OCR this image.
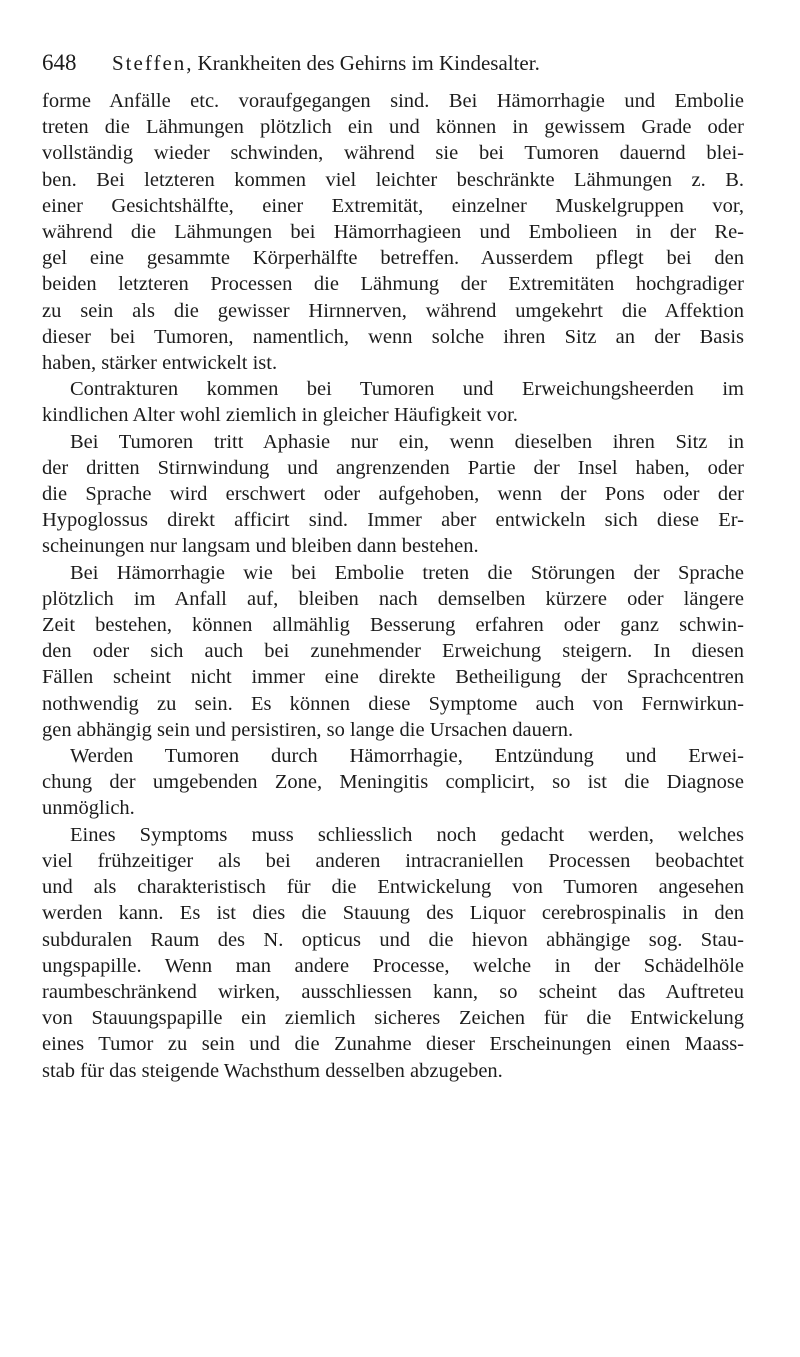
648 Steffen, Krankheiten des Gehirns im Kindesalter.

forme Anfälle etc. voraufgegangen sind. Bei Hämorrhagie und Embolie
treten die Lähmungen plötzlich ein und können in gewissem Grade oder
vollständig wieder schwinden, während sie bei Tumoren dauernd blei-
ben. Bei letzteren kommen viel leichter beschränkte Lähmungen z. B.
einer Gesichtshälfte, einer Extremität, einzelner Muskelgruppen vor,
während die Lähmungen bei Hämorrhagieen und Embolieen in der Re-
gel eine gesammte Körperhälfte betreffen. Ausserdem pflegt bei den
beiden letzteren Processen die Lähmung der Extremitäten hochgradiger
zu sein als die gewisser Hirnnerven, während umgekehrt die Affektion
dieser bei Tumoren, namentlich, wenn solche ihren Sitz an der Basis
haben, stärker entwickelt ist.

Contrakturen kommen bei Tumoren und Erweichungsheerden im
kindlichen Alter wohl ziemlich in gleicher Häufigkeit vor.

Bei Tumoren tritt Aphasie nur ein, wenn dieselben ihren Sitz in
der dritten Stirnwindung und angrenzenden Partie der Insel haben, oder
die Sprache wird erschwert oder aufgehoben, wenn der Pons oder der
Hypoglossus direkt afficirt sind. Immer aber entwickeln sich diese Er-
scheinungen nur langsam und bleiben dann bestehen.

Bei Hämorrhagie wie bei Embolie treten die Störungen der Sprache
plötzlich im Anfall auf, bleiben nach demselben kürzere oder längere
Zeit bestehen, können allmählig Besserung erfahren oder ganz schwin-
den oder sich auch bei zunehmender Erweichung steigern. In diesen
Fällen scheint nicht immer eine direkte Betheiligung der Sprachcentren
nothwendig zu sein. Es können diese Symptome auch von Fernwirkun-
gen abhängig sein und persistiren, so lange die Ursachen dauern.

Werden Tumoren durch Hämorrhagie, Entzündung und Erwei-
chung der umgebenden Zone, Meningitis complicirt, so ist die Diagnose
unmöglich.

Eines Symptoms muss schliesslich noch gedacht werden, welches
viel frühzeitiger als bei anderen intracraniellen Processen beobachtet
und als charakteristisch für die Entwickelung von Tumoren angesehen
werden kann. Es ist dies die Stauung des Liquor cerebrospinalis in den
subduralen Raum des N. opticus und die hievon abhängige sog. Stau-
ungspapille. Wenn man andere Processe, welche in der Schädelhöle
raumbeschränkend wirken, ausschliessen kann, so scheint das Auftreteu
von Stauungspapille ein ziemlich sicheres Zeichen für die Entwickelung
eines Tumor zu sein und die Zunahme dieser Erscheinungen einen Maass-
stab für das steigende Wachsthum desselben abzugeben.
